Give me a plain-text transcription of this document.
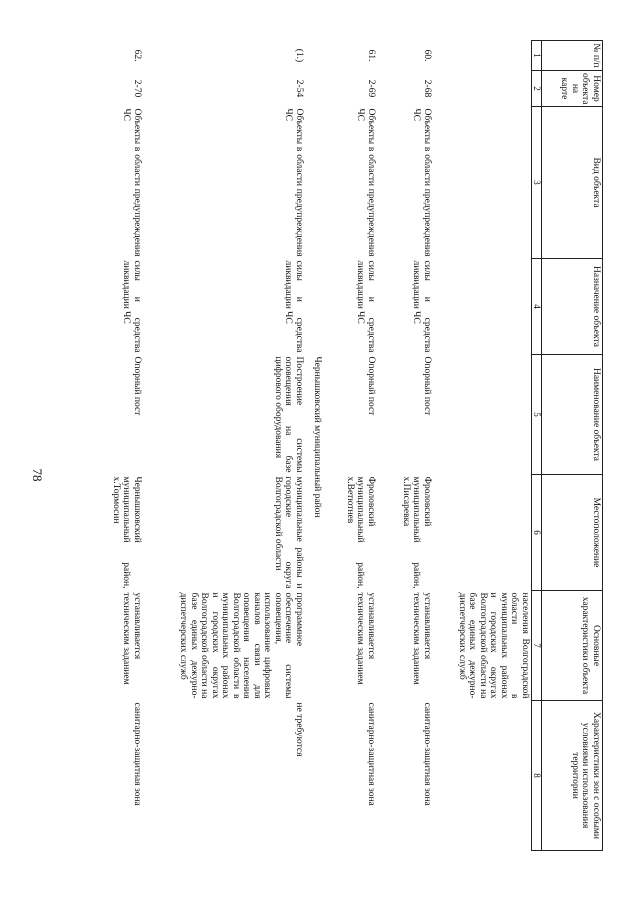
78
№ п/п	Номер объекта на карте	Вид объекта	Назначение объекта	Наименование объекта	Местоположение	Основные характеристики объекта	Характеристики зон с особыми условиями использования территории
1	2	3	4	5	6	7	8
						населения Волгоградской области в муниципальных районах и городских округах Волгоградской области на базе единых дежурно-диспетчерских служб	
60.	2-68	Объекты в области предупреждения ЧС	силы и средства ликвидации ЧС	Опорный пост	Фроловский муниципальный район, х.Писаревка	устанавливается техническим заданием	санитарно-защитная зона
61.	2-69	Объекты в области предупреждения ЧС	силы и средства ликвидации ЧС	Опорный пост	Фроловский муниципальный район, х.Ветютнев	устанавливается техническим заданием	санитарно-защитная зона
				Чернышковский муниципальный район			
(1.)	2-54	Объекты в области предупреждения ЧС	силы и средства ликвидации ЧС	Построение системы оповещения на базе цифрового оборудования	муниципальные районы и городские округа Волгоградской области	программное обеспечение системы оповещения, использование цифровых каналов связи для оповещения населения Волгоградской области в муниципальных районах и городских округах Волгоградской области на базе единых дежурно-диспетчерских служб	не требуются
62.	2-70	Объекты в области предупреждения ЧС	силы и средства ликвидации ЧС	Опорный пост	Чернышковский муниципальный район, х.Тормосин	устанавливается техническим заданием	санитарно-защитная зона
